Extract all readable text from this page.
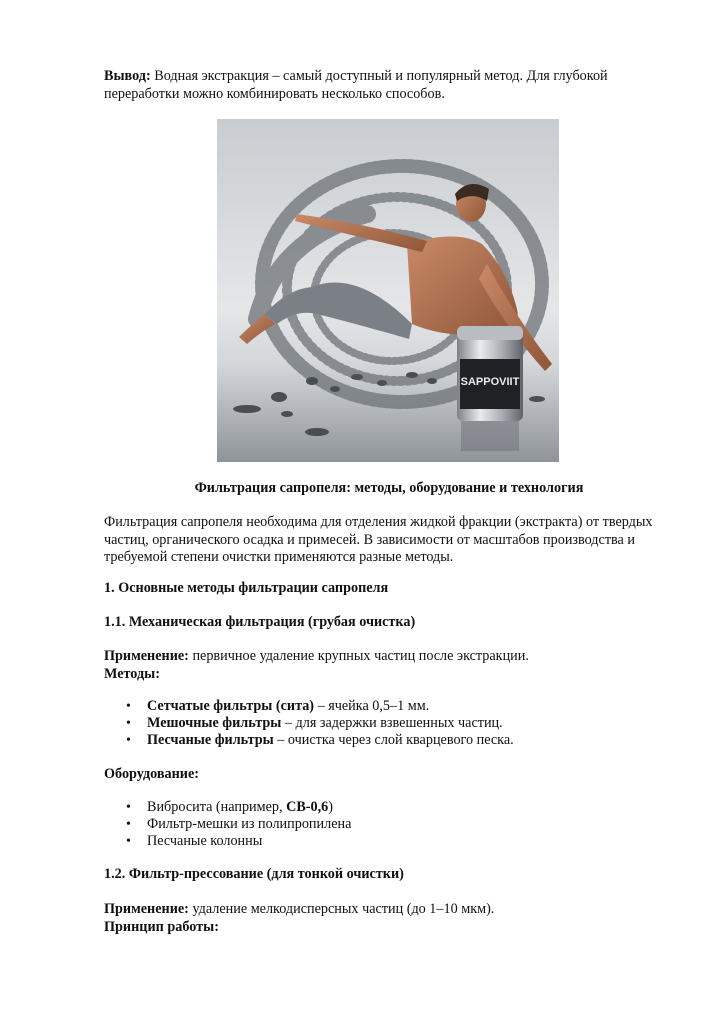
Вывод: Водная экстракция – самый доступный и популярный метод. Для глубокой
переработки можно комбинировать несколько способов.

SAPPOVIIT

Фильтрация сапропеля: методы, оборудование и технология

Фильтрация сапропеля необходима для отделения жидкой фракции (экстракта) от твердых
частиц, органического осадка и примесей. В зависимости от масштабов производства и
требуемой степени очистки применяются разные методы.

1. Основные методы фильтрации сапропеля

1.1. Механическая фильтрация (грубая очистка)

Применение: первичное удаление крупных частиц после экстракции.
Методы:

• Сетчатые фильтры (сита) – ячейка 0,5–1 мм.
• Мешочные фильтры – для задержки взвешенных частиц.
• Песчаные фильтры – очистка через слой кварцевого песка.

Оборудование:

• Вибросита (например, СВ-0,6)
• Фильтр-мешки из полипропилена
• Песчаные колонны

1.2. Фильтр-прессование (для тонкой очистки)

Применение: удаление мелкодисперсных частиц (до 1–10 мкм).
Принцип работы:
